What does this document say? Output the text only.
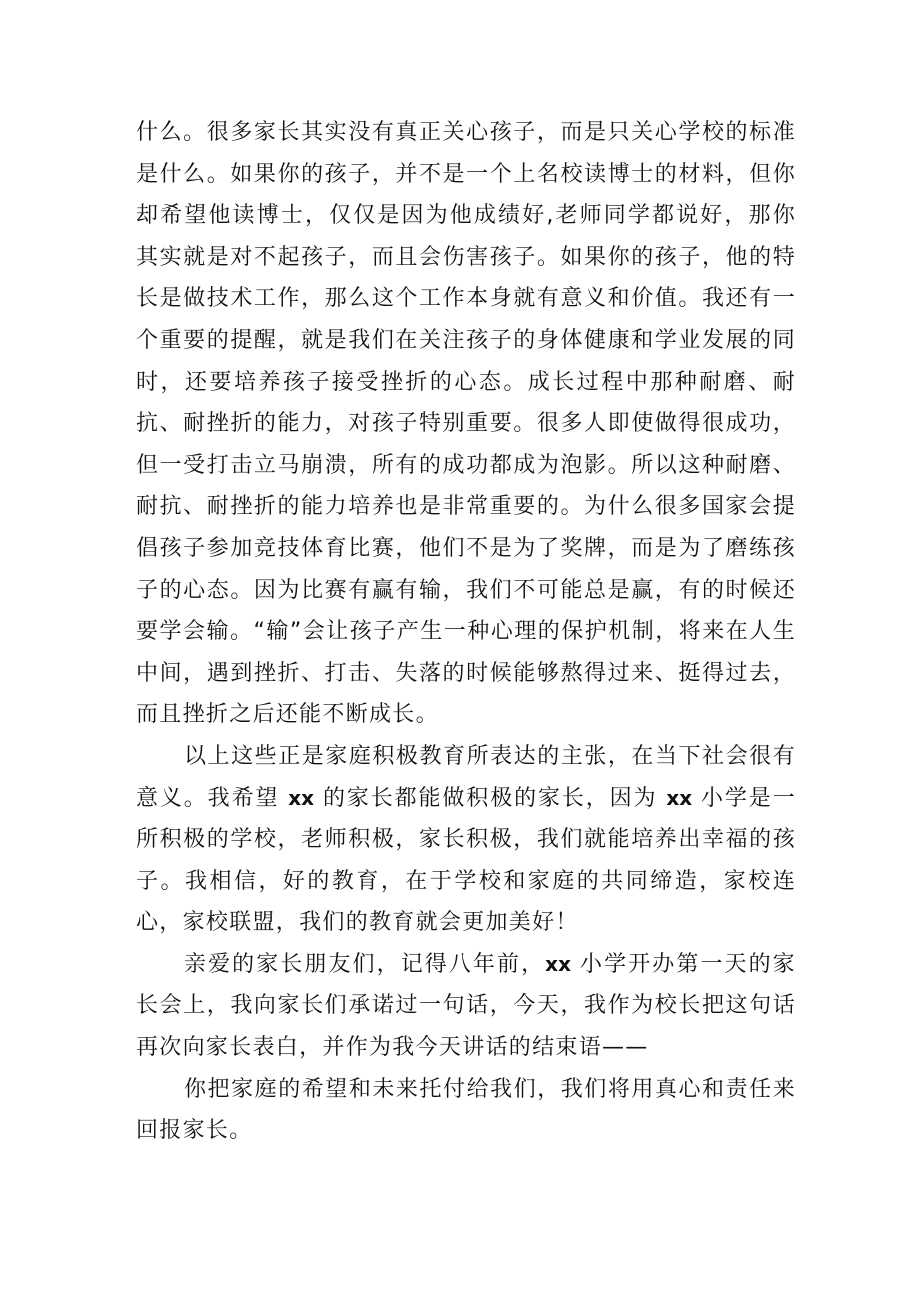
什么。很多家长其实没有真正关心孩子，而是只关心学校的标准是什么。如果你的孩子，并不是一个上名校读博士的材料，但你却希望他读博士，仅仅是因为他成绩好,老师同学都说好，那你其实就是对不起孩子，而且会伤害孩子。如果你的孩子，他的特长是做技术工作，那么这个工作本身就有意义和价值。我还有一个重要的提醒，就是我们在关注孩子的身体健康和学业发展的同时，还要培养孩子接受挫折的心态。成长过程中那种耐磨、耐抗、耐挫折的能力，对孩子特别重要。很多人即使做得很成功，但一受打击立马崩溃，所有的成功都成为泡影。所以这种耐磨、耐抗、耐挫折的能力培养也是非常重要的。为什么很多国家会提倡孩子参加竞技体育比赛，他们不是为了奖牌，而是为了磨练孩子的心态。因为比赛有赢有输，我们不可能总是赢，有的时候还要学会输。“输”会让孩子产生一种心理的保护机制，将来在人生中间，遇到挫折、打击、失落的时候能够熬得过来、挺得过去，而且挫折之后还能不断成长。

以上这些正是家庭积极教育所表达的主张，在当下社会很有意义。我希望 xx 的家长都能做积极的家长，因为 xx 小学是一所积极的学校，老师积极，家长积极，我们就能培养出幸福的孩子。我相信，好的教育，在于学校和家庭的共同缔造，家校连心，家校联盟，我们的教育就会更加美好！

亲爱的家长朋友们，记得八年前，xx 小学开办第一天的家长会上，我向家长们承诺过一句话，今天，我作为校长把这句话再次向家长表白，并作为我今天讲话的结束语——

你把家庭的希望和未来托付给我们，我们将用真心和责任来回报家长。
